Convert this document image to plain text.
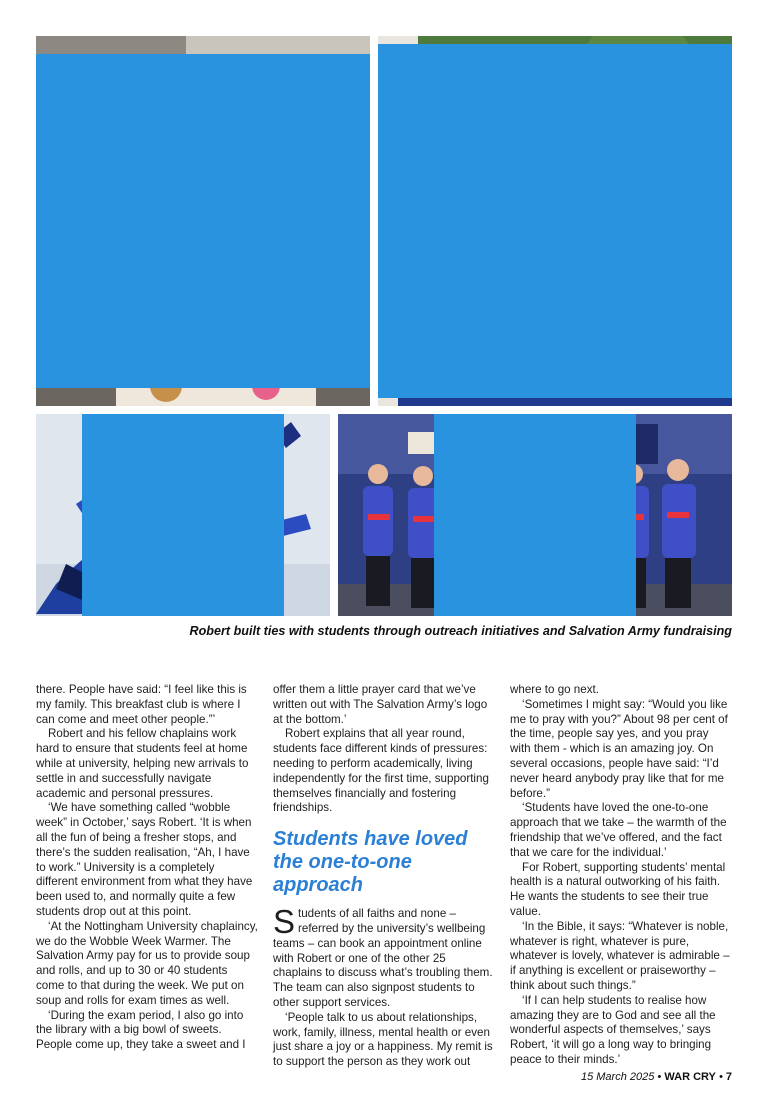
Robert built ties with students through outreach initiatives and Salvation Army fundraising

there. People have said: “I feel like this is my family. This breakfast club is where I can come and meet other people.”’

Robert and his fellow chaplains work hard to ensure that students feel at home while at university, helping new arrivals to settle in and successfully navigate academic and personal pressures.

‘We have something called “wobble week” in October,’ says Robert. ‘It is when all the fun of being a fresher stops, and there’s the sudden realisation, “Ah, I have to work.” University is a completely different environment from what they have been used to, and normally quite a few students drop out at this point.

‘At the Nottingham University chaplaincy, we do the Wobble Week Warmer. The Salvation Army pay for us to provide soup and rolls, and up to 30 or 40 students come to that during the week. We put on soup and rolls for exam times as well.

‘During the exam period, I also go into the library with a big bowl of sweets. People come up, they take a sweet and I

offer them a little prayer card that we’ve written out with The Salvation Army’s logo at the bottom.’

Robert explains that all year round, students face different kinds of pressures: needing to perform academically, living independently for the first time, supporting themselves financially and fostering friendships.

Students have loved the one-to-one approach

Students of all faiths and none – referred by the university’s wellbeing teams – can book an appointment online with Robert or one of the other 25 chaplains to discuss what’s troubling them. The team can also signpost students to other support services.

‘People talk to us about relationships, work, family, illness, mental health or even just share a joy or a happiness. My remit is to support the person as they work out

where to go next.

‘Sometimes I might say: “Would you like me to pray with you?” About 98 per cent of the time, people say yes, and you pray with them - which is an amazing joy. On several occasions, people have said: “I’d never heard anybody pray like that for me before.”

‘Students have loved the one-to-one approach that we take – the warmth of the friendship that we’ve offered, and the fact that we care for the individual.’

For Robert, supporting students’ mental health is a natural outworking of his faith. He wants the students to see their true value.

‘In the Bible, it says: “Whatever is noble, whatever is right, whatever is pure, whatever is lovely, whatever is admirable – if anything is excellent or praiseworthy – think about such things.”

‘If I can help students to realise how amazing they are to God and see all the wonderful aspects of themselves,’ says Robert, ‘it will go a long way to bringing peace to their minds.’

15 March 2025 • WAR CRY • 7
